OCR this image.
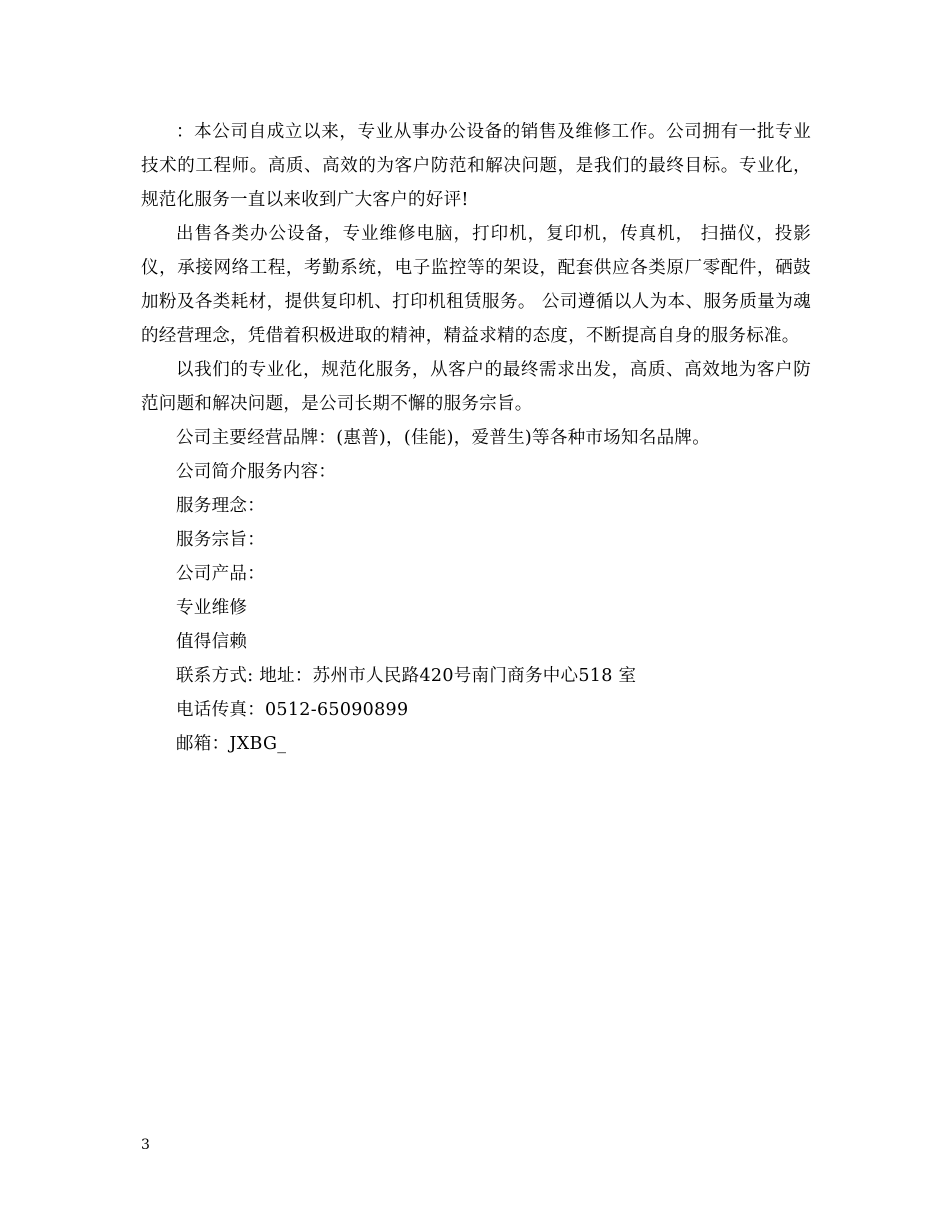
：本公司自成立以来，专业从事办公设备的销售及维修工作。公司拥有一批专业技术的工程师。高质、高效的为客户防范和解决问题，是我们的最终目标。专业化，规范化服务一直以来收到广大客户的好评!

出售各类办公设备，专业维修电脑，打印机，复印机，传真机， 扫描仪，投影仪，承接网络工程，考勤系统，电子监控等的架设，配套供应各类原厂零配件，硒鼓加粉及各类耗材，提供复印机、打印机租赁服务。 公司遵循以人为本、服务质量为魂的经营理念，凭借着积极进取的精神，精益求精的态度，不断提高自身的服务标准。

以我们的专业化，规范化服务，从客户的最终需求出发，高质、高效地为客户防范问题和解决问题，是公司长期不懈的服务宗旨。

公司主要经营品牌：(惠普)，(佳能)，爱普生)等各种市场知名品牌。

公司简介服务内容：

服务理念：

服务宗旨：

公司产品：

专业维修

值得信赖

联系方式: 地址：苏州市人民路420号南门商务中心518 室

电话传真：0512-65090899

邮箱：JXBG_

3
